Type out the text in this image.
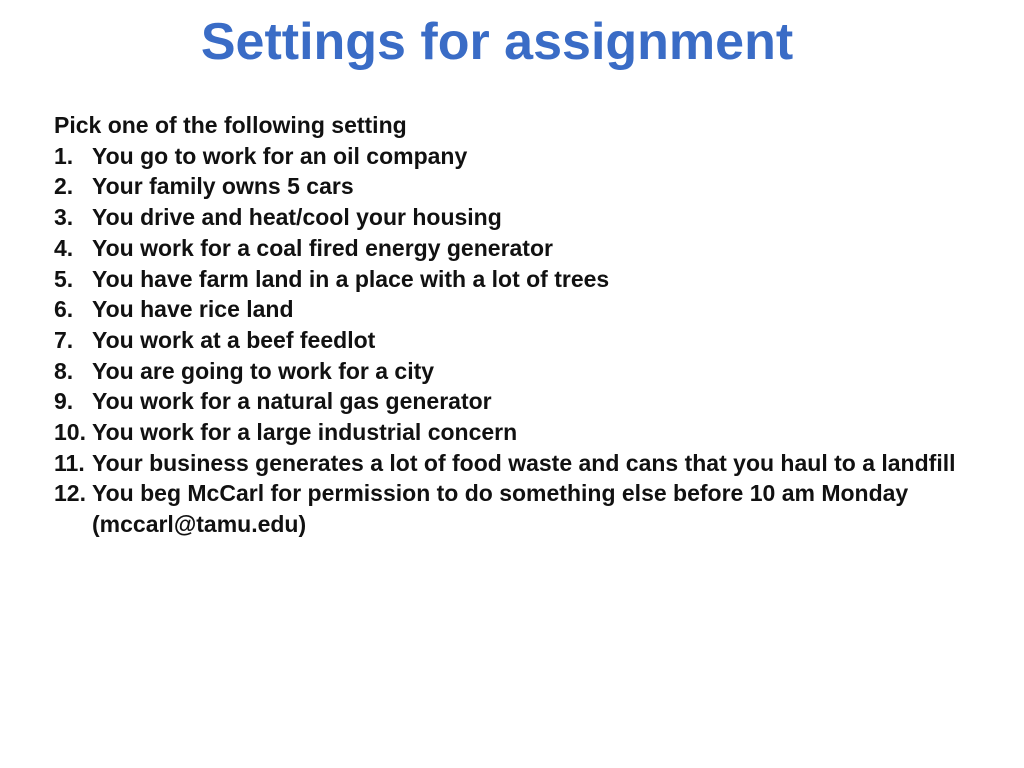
Settings for assignment

Pick one of the following setting

1. You go to work for an oil company
2. Your family owns 5 cars
3. You drive and heat/cool your housing
4. You work for a coal fired energy generator
5. You have farm land in a place with a lot of trees
6. You have rice land
7. You work at a beef feedlot
8. You are going to work for a city
9. You work for a natural gas generator
10. You work for a large industrial concern
11. Your business generates a lot of food waste and cans that you haul to a landfill
12. You beg McCarl for permission to do something else before 10 am Monday (mccarl@tamu.edu)
